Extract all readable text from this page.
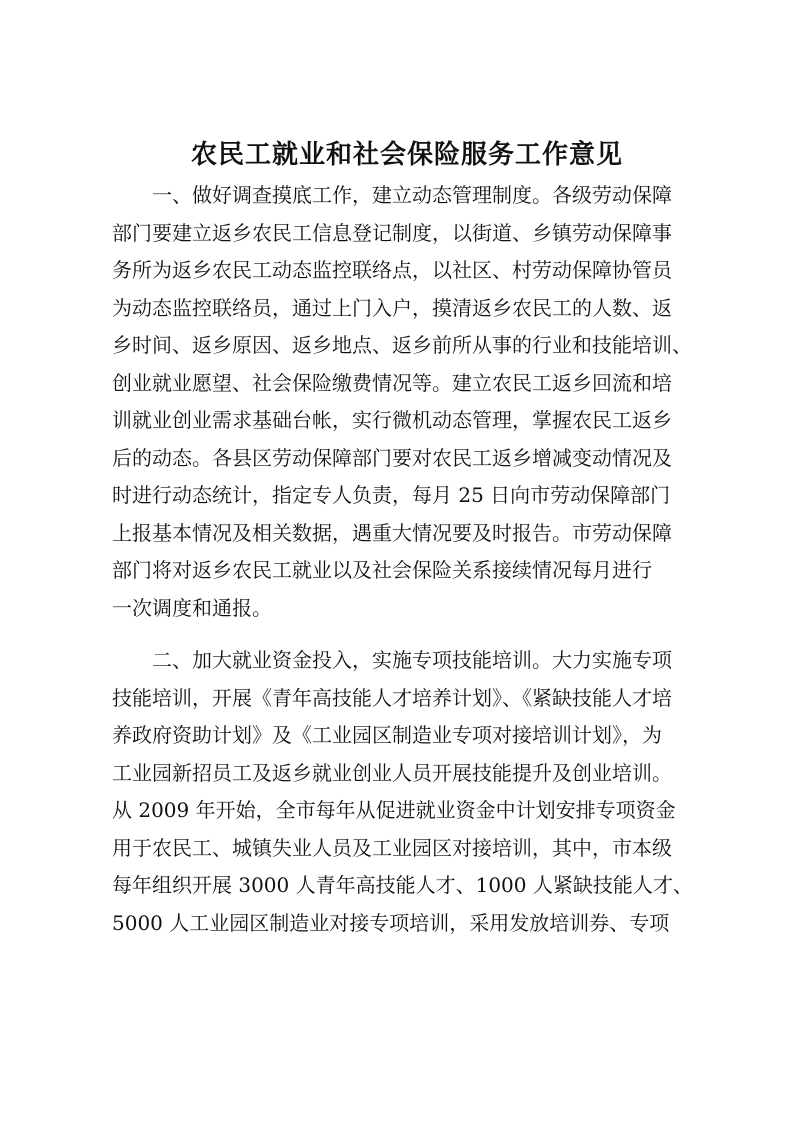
农民工就业和社会保险服务工作意见
　　一、做好调查摸底工作，建立动态管理制度。各级劳动保障
部门要建立返乡农民工信息登记制度，以街道、乡镇劳动保障事
务所为返乡农民工动态监控联络点，以社区、村劳动保障协管员
为动态监控联络员，通过上门入户，摸清返乡农民工的人数、返
乡时间、返乡原因、返乡地点、返乡前所从事的行业和技能培训、
创业就业愿望、社会保险缴费情况等。建立农民工返乡回流和培
训就业创业需求基础台帐，实行微机动态管理，掌握农民工返乡
后的动态。各县区劳动保障部门要对农民工返乡增减变动情况及
时进行动态统计，指定专人负责，每月 25 日向市劳动保障部门
上报基本情况及相关数据，遇重大情况要及时报告。市劳动保障
部门将对返乡农民工就业以及社会保险关系接续情况每月进行
一次调度和通报。
　　二、加大就业资金投入，实施专项技能培训。大力实施专项
技能培训，开展《青年高技能人才培养计划》、《紧缺技能人才培
养政府资助计划》及《工业园区制造业专项对接培训计划》，为
工业园新招员工及返乡就业创业人员开展技能提升及创业培训。
从 2009 年开始，全市每年从促进就业资金中计划安排专项资金
用于农民工、城镇失业人员及工业园区对接培训，其中，市本级
每年组织开展 3000 人青年高技能人才、1000 人紧缺技能人才、
5000 人工业园区制造业对接专项培训，采用发放培训券、专项
